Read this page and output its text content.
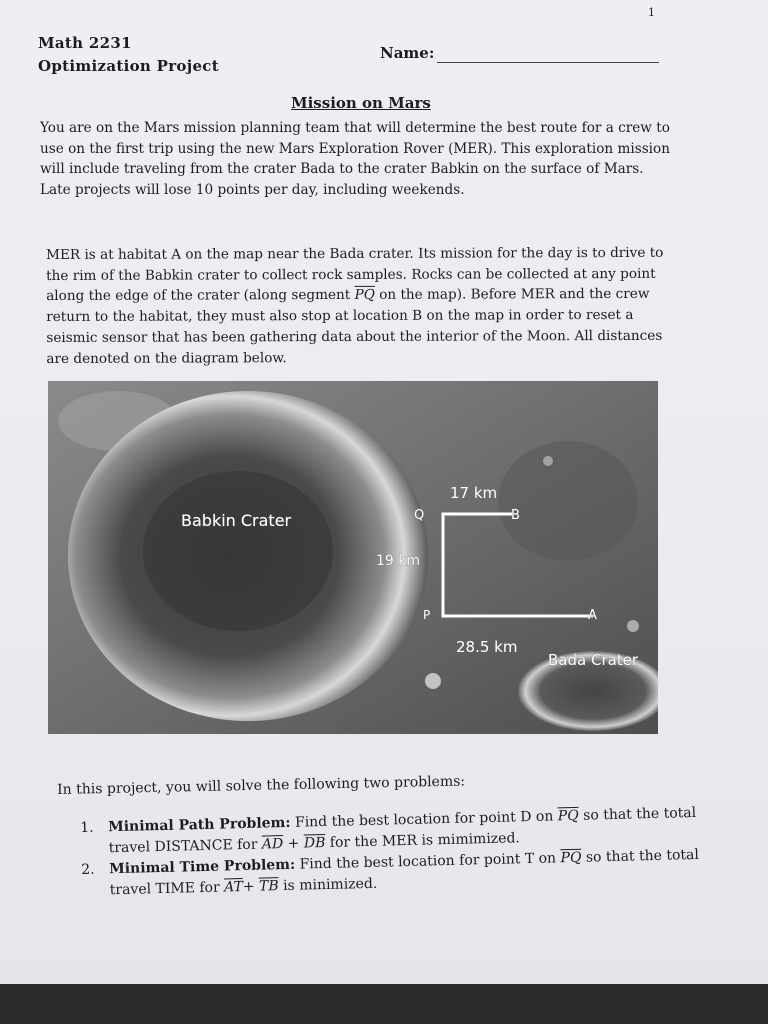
1
Math 2231
Optimization Project
Name:
Mission on Mars

You are on the Mars mission planning team that will determine the best route for a crew to use on the first trip using the new Mars Exploration Rover (MER). This exploration mission will include traveling from the crater Bada to the crater Babkin on the surface of Mars. Late projects will lose 10 points per day, including weekends.

MER is at habitat A on the map near the Bada crater. Its mission for the day is to drive to the rim of the Babkin crater to collect rock samples. Rocks can be collected at any point along the edge of the crater (along segment $\overline{PQ}$ on the map). Before MER and the crew return to the habitat, they must also stop at location B on the map in order to reset a seismic sensor that has been gathering data about the interior of the Moon. All distances are denoted on the diagram below.

Babkin Crater
Bada Crater
Q	B
P	A
17 km
19 km
28.5 km
In this project, you will solve the following two problems:
1. Minimal Path Problem: Find the best location for point D on $\overline{PQ}$ so that the total travel DISTANCE for $\overline{AD} + \overline{DB}$ for the MER is mimimized.
2. Minimal Time Problem: Find the best location for point T on $\overline{PQ}$ so that the total travel TIME for $\overline{AT}+ \overline{TB}$ is minimized.
